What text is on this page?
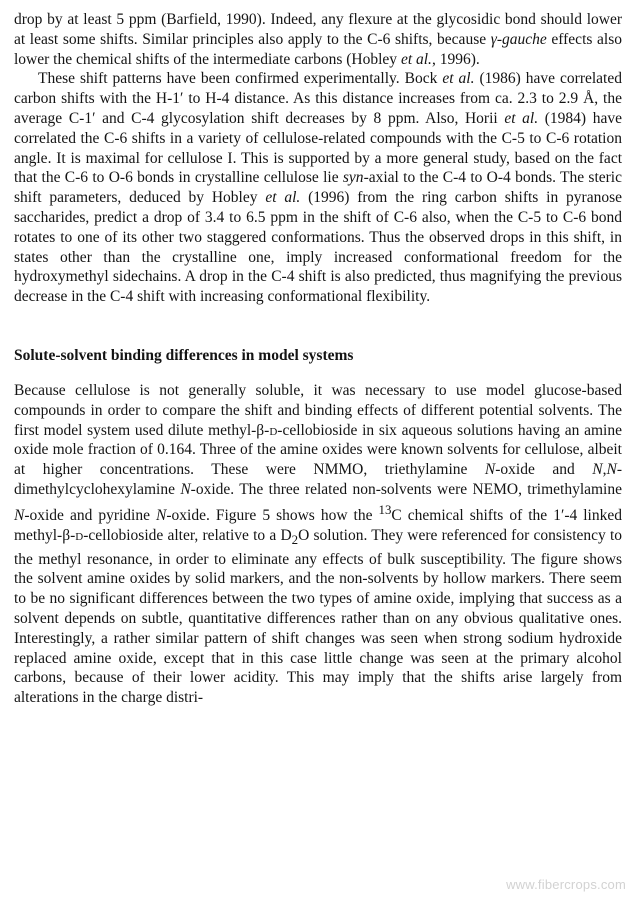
drop by at least 5 ppm (Barfield, 1990). Indeed, any flexure at the glycosidic bond should lower at least some shifts. Similar principles also apply to the C-6 shifts, because γ-gauche effects also lower the chemical shifts of the intermediate carbons (Hobley et al., 1996).

These shift patterns have been confirmed experimentally. Bock et al. (1986) have correlated carbon shifts with the H-1′ to H-4 distance. As this distance increases from ca. 2.3 to 2.9 Å, the average C-1′ and C-4 glycosylation shift decreases by 8 ppm. Also, Horii et al. (1984) have correlated the C-6 shifts in a variety of cellulose-related compounds with the C-5 to C-6 rotation angle. It is maximal for cellulose I. This is supported by a more general study, based on the fact that the C-6 to O-6 bonds in crystalline cellulose lie syn-axial to the C-4 to O-4 bonds. The steric shift parameters, deduced by Hobley et al. (1996) from the ring carbon shifts in pyranose saccharides, predict a drop of 3.4 to 6.5 ppm in the shift of C-6 also, when the C-5 to C-6 bond rotates to one of its other two staggered conformations. Thus the observed drops in this shift, in states other than the crystalline one, imply increased conformational freedom for the hydroxymethyl sidechains. A drop in the C-4 shift is also predicted, thus magnifying the previous decrease in the C-4 shift with increasing conformational flexibility.

Solute-solvent binding differences in model systems

Because cellulose is not generally soluble, it was necessary to use model glucose-based compounds in order to compare the shift and binding effects of different potential solvents. The first model system used dilute methyl-β-d-cellobioside in six aqueous solutions having an amine oxide mole fraction of 0.164. Three of the amine oxides were known solvents for cellulose, albeit at higher concentrations. These were NMMO, triethylamine N-oxide and N,N-dimethylcyclohexylamine N-oxide. The three related non-solvents were NEMO, trimethylamine N-oxide and pyridine N-oxide. Figure 5 shows how the $^{13}$C chemical shifts of the 1′-4 linked methyl-β-d-cellobioside alter, relative to a $D_2O$ solution. They were referenced for consistency to the methyl resonance, in order to eliminate any effects of bulk susceptibility. The figure shows the solvent amine oxides by solid markers, and the non-solvents by hollow markers. There seem to be no significant differences between the two types of amine oxide, implying that success as a solvent depends on subtle, quantitative differences rather than on any obvious qualitative ones. Interestingly, a rather similar pattern of shift changes was seen when strong sodium hydroxide replaced amine oxide, except that in this case little change was seen at the primary alcohol carbons, because of their lower acidity. This may imply that the shifts arise largely from alterations in the charge distri-

www.fibercrops.com
